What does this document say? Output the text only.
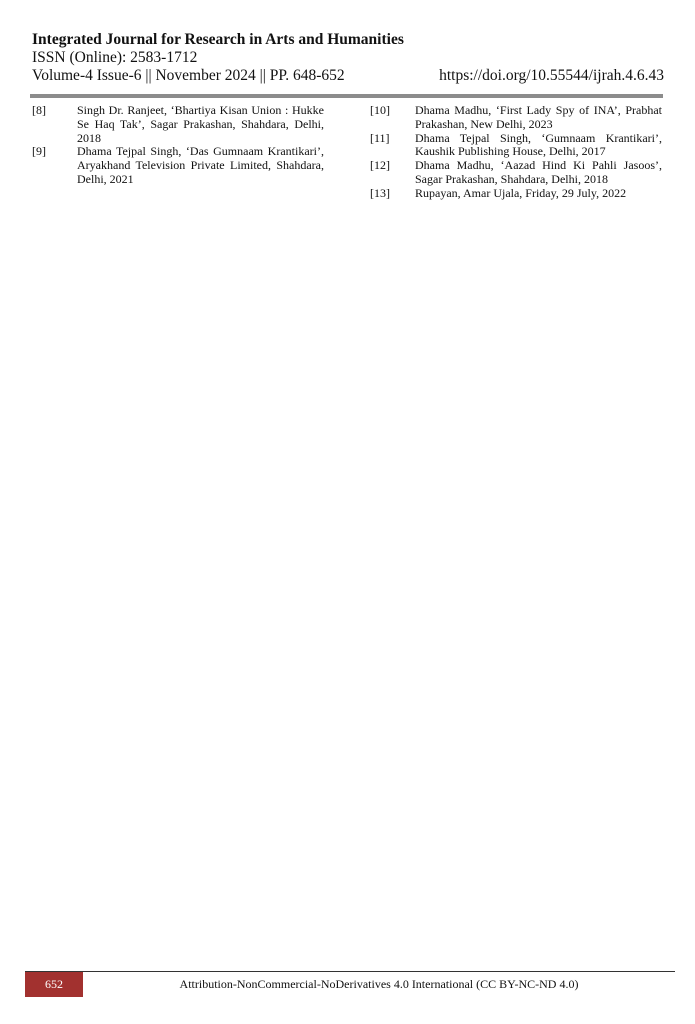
Integrated Journal for Research in Arts and Humanities
ISSN (Online): 2583-1712
Volume-4 Issue-6 || November 2024 || PP. 648-652	https://doi.org/10.55544/ijrah.4.6.43
[8]	Singh Dr. Ranjeet, ‘Bhartiya Kisan Union : Hukke Se Haq Tak’, Sagar Prakashan, Shahdara, Delhi, 2018
[9]	Dhama Tejpal Singh, ‘Das Gumnaam Krantikari’, Aryakhand Television Private Limited, Shahdara, Delhi, 2021
[10]	Dhama Madhu, ‘First Lady Spy of INA’, Prabhat Prakashan, New Delhi, 2023
[11]	Dhama Tejpal Singh, ‘Gumnaam Krantikari’, Kaushik Publishing House, Delhi, 2017
[12]	Dhama Madhu, ‘Aazad Hind Ki Pahli Jasoos’, Sagar Prakashan, Shahdara, Delhi, 2018
[13]	Rupayan, Amar Ujala, Friday, 29 July, 2022
652	Attribution-NonCommercial-NoDerivatives 4.0 International (CC BY-NC-ND 4.0)
